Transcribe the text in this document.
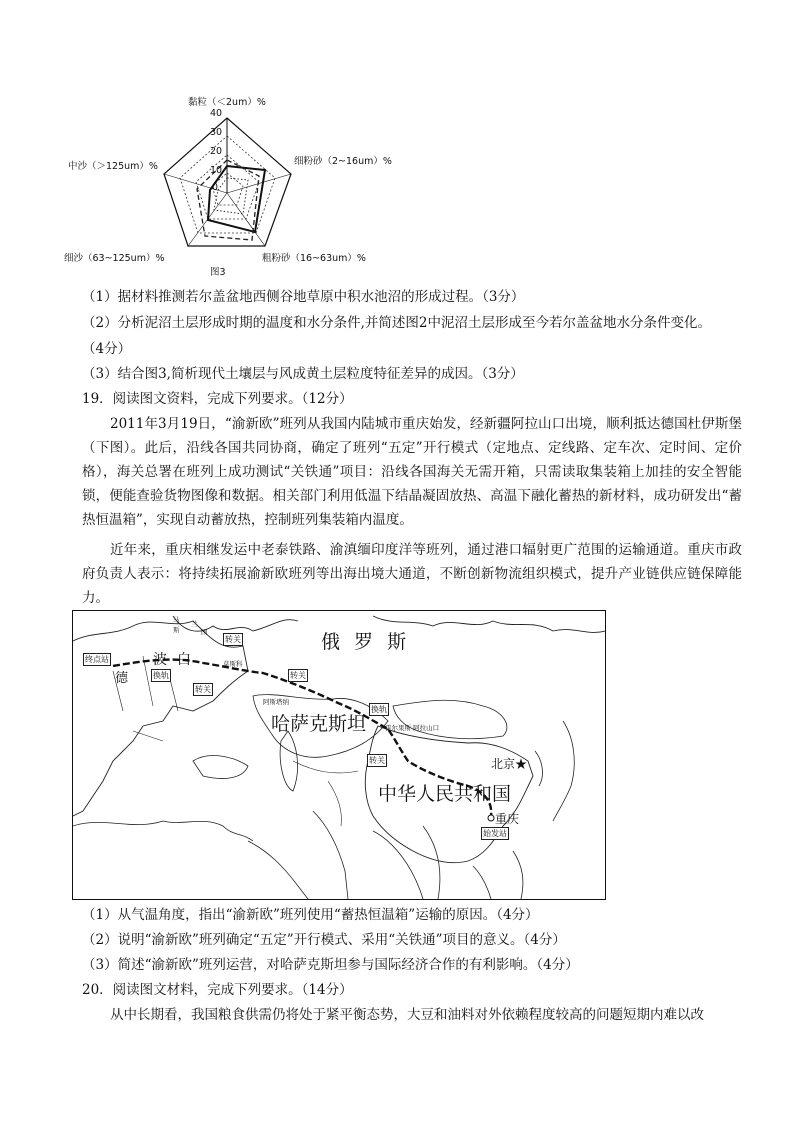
40
30
20
10
0
黏粒（＜2um）%
细粉砂（2~16um）%
粗粉砂（16~63um）%
细沙（63~125um）%
中沙（＞125um）%
图3
（1）据材料推测若尔盖盆地西侧谷地草原中积水池沼的形成过程。（3分）
（2）分析泥沼土层形成时期的温度和水分条件,并简述图2中泥沼土层形成至今若尔盖盆地水分条件变化。
（4分）
（3）结合图3,简析现代土壤层与风成黄土层粒度特征差异的成因。（3分）
19．阅读图文资料，完成下列要求。（12分）
2011年3月19日，“渝新欧”班列从我国内陆城市重庆始发，经新疆阿拉山口出境，顺利抵达德国杜伊斯堡（下图）。此后，沿线各国共同协商，确定了班列“五定”开行模式（定地点、定线路、定车次、定时间、定价格），海关总署在班列上成功测试“关铁通”项目：沿线各国海关无需开箱，只需读取集装箱上加挂的安全智能锁，便能查验货物图像和数据。相关部门利用低温下结晶凝固放热、高温下融化蓄热的新材料，成功研发出“蓄热恒温箱”，实现自动蓄放热，控制班列集装箱内温度。
近年来，重庆相继发运中老泰铁路、渝滇缅印度洋等班列，通过港口辐射更广范围的运输通道。重庆市政府负责人表示：将持续拓展渝新欧班列等出海出境大通道，不断创新物流组织模式，提升产业链供应链保障能力。
俄 罗 斯
哈萨克斯坦
中华人民共和国
北京★
重庆
终点站
始发站
转关
转关
转关
转关
换轨
换轨
波 白
德
马
斯
兰
国
莫斯科
阿斯塔纳
霍尔果斯 阿拉山口
（1）从气温角度，指出“渝新欧”班列使用“蓄热恒温箱”运输的原因。（4分）
（2）说明“渝新欧”班列确定“五定”开行模式、采用“关铁通”项目的意义。（4分）
（3）简述“渝新欧”班列运营，对哈萨克斯坦参与国际经济合作的有利影响。（4分）
20．阅读图文材料，完成下列要求。（14分）
从中长期看，我国粮食供需仍将处于紧平衡态势，大豆和油料对外依赖程度较高的问题短期内难以改
